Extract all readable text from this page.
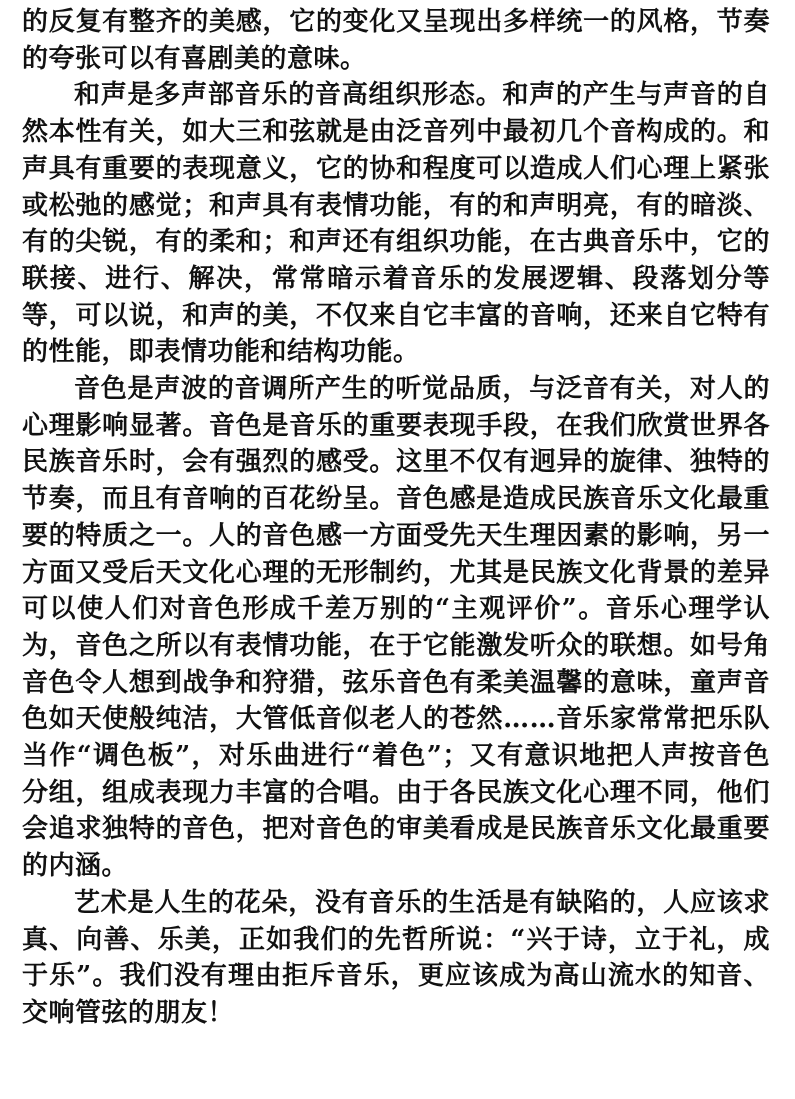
的反复有整齐的美感，它的变化又呈现出多样统一的风格，节奏的夸张可以有喜剧美的意味。

和声是多声部音乐的音高组织形态。和声的产生与声音的自然本性有关，如大三和弦就是由泛音列中最初几个音构成的。和声具有重要的表现意义，它的协和程度可以造成人们心理上紧张或松弛的感觉；和声具有表情功能，有的和声明亮，有的暗淡、有的尖锐，有的柔和；和声还有组织功能，在古典音乐中，它的联接、进行、解决，常常暗示着音乐的发展逻辑、段落划分等等，可以说，和声的美，不仅来自它丰富的音响，还来自它特有的性能，即表情功能和结构功能。

音色是声波的音调所产生的听觉品质，与泛音有关，对人的心理影响显著。音色是音乐的重要表现手段，在我们欣赏世界各民族音乐时，会有强烈的感受。这里不仅有迥异的旋律、独特的节奏，而且有音响的百花纷呈。音色感是造成民族音乐文化最重要的特质之一。人的音色感一方面受先天生理因素的影响，另一方面又受后天文化心理的无形制约，尤其是民族文化背景的差异可以使人们对音色形成千差万别的“主观评价”。音乐心理学认为，音色之所以有表情功能，在于它能激发听众的联想。如号角音色令人想到战争和狩猎，弦乐音色有柔美温馨的意味，童声音色如天使般纯洁，大管低音似老人的苍然……音乐家常常把乐队当作“调色板”，对乐曲进行“着色”；又有意识地把人声按音色分组，组成表现力丰富的合唱。由于各民族文化心理不同，他们会追求独特的音色，把对音色的审美看成是民族音乐文化最重要的内涵。

艺术是人生的花朵，没有音乐的生活是有缺陷的，人应该求真、向善、乐美，正如我们的先哲所说：“兴于诗，立于礼，成于乐”。我们没有理由拒斥音乐，更应该成为高山流水的知音、交响管弦的朋友！
